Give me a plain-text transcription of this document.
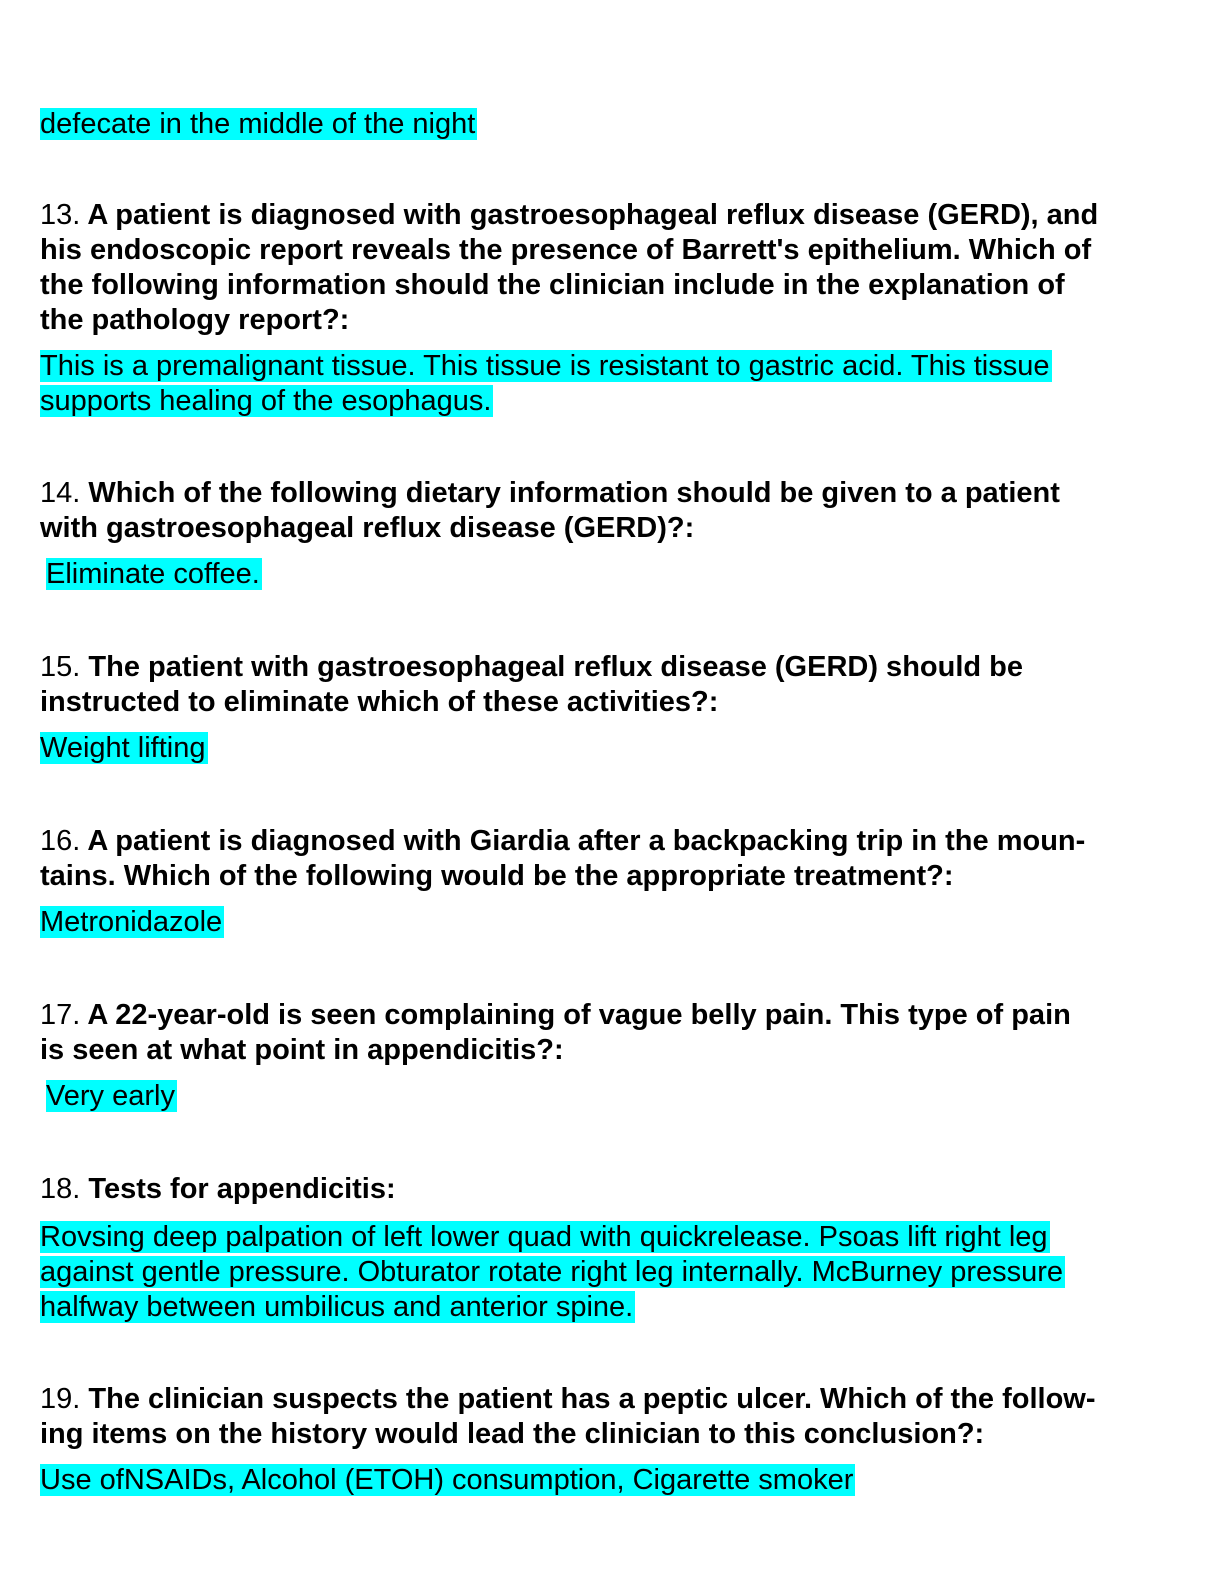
defecate in the middle of the night
13. A patient is diagnosed with gastroesophageal reflux disease (GERD), and
his endoscopic report reveals the presence of Barrett's epithelium. Which of
the following information should the clinician include in the explanation of
the pathology report?:
This is a premalignant tissue. This tissue is resistant to gastric acid. This tissue
supports healing of the esophagus.
14. Which of the following dietary information should be given to a patient
with gastroesophageal reflux disease (GERD)?:
Eliminate coffee.
15. The patient with gastroesophageal reflux disease (GERD) should be
instructed to eliminate which of these activities?:
Weight lifting
16. A patient is diagnosed with Giardia after a backpacking trip in the moun-
tains. Which of the following would be the appropriate treatment?:
Metronidazole
17. A 22-year-old is seen complaining of vague belly pain. This type of pain
is seen at what point in appendicitis?:
Very early
18. Tests for appendicitis:
Rovsing deep palpation of left lower quad with quickrelease. Psoas lift right leg
against gentle pressure. Obturator rotate right leg internally. McBurney pressure
halfway between umbilicus and anterior spine.
19. The clinician suspects the patient has a peptic ulcer. Which of the follow-
ing items on the history would lead the clinician to this conclusion?:
Use ofNSAIDs, Alcohol (ETOH) consumption, Cigarette smoker
